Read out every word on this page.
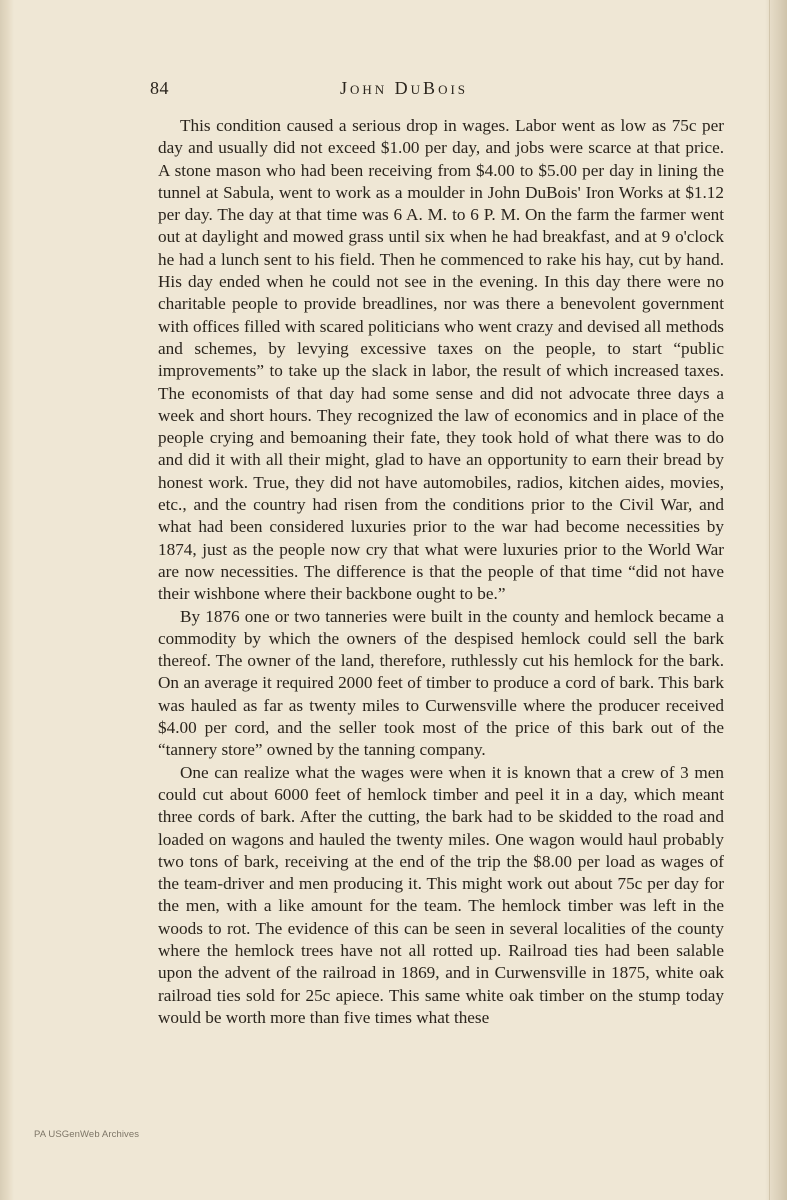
84	John DuBois

This condition caused a serious drop in wages. Labor went as low as 75c per day and usually did not exceed $1.00 per day, and jobs were scarce at that price. A stone mason who had been receiving from $4.00 to $5.00 per day in lining the tunnel at Sabula, went to work as a moulder in John DuBois' Iron Works at $1.12 per day. The day at that time was 6 A. M. to 6 P. M. On the farm the farmer went out at daylight and mowed grass until six when he had breakfast, and at 9 o'clock he had a lunch sent to his field. Then he commenced to rake his hay, cut by hand. His day ended when he could not see in the evening. In this day there were no charitable people to provide breadlines, nor was there a benevolent government with offices filled with scared politicians who went crazy and devised all methods and schemes, by levying excessive taxes on the people, to start “public improvements” to take up the slack in labor, the result of which increased taxes. The economists of that day had some sense and did not advocate three days a week and short hours. They recognized the law of economics and in place of the people crying and bemoaning their fate, they took hold of what there was to do and did it with all their might, glad to have an opportunity to earn their bread by honest work. True, they did not have automobiles, radios, kitchen aides, movies, etc., and the country had risen from the conditions prior to the Civil War, and what had been considered luxuries prior to the war had become necessities by 1874, just as the people now cry that what were luxuries prior to the World War are now necessities. The difference is that the people of that time “did not have their wishbone where their backbone ought to be.”

By 1876 one or two tanneries were built in the county and hemlock became a commodity by which the owners of the despised hemlock could sell the bark thereof. The owner of the land, therefore, ruthlessly cut his hemlock for the bark. On an average it required 2000 feet of timber to produce a cord of bark. This bark was hauled as far as twenty miles to Curwensville where the producer received $4.00 per cord, and the seller took most of the price of this bark out of the “tannery store” owned by the tanning company.

One can realize what the wages were when it is known that a crew of 3 men could cut about 6000 feet of hemlock timber and peel it in a day, which meant three cords of bark. After the cutting, the bark had to be skidded to the road and loaded on wagons and hauled the twenty miles. One wagon would haul probably two tons of bark, receiving at the end of the trip the $8.00 per load as wages of the team-driver and men producing it. This might work out about 75c per day for the men, with a like amount for the team. The hemlock timber was left in the woods to rot. The evidence of this can be seen in several localities of the county where the hemlock trees have not all rotted up. Railroad ties had been salable upon the advent of the railroad in 1869, and in Curwensville in 1875, white oak railroad ties sold for 25c apiece. This same white oak timber on the stump today would be worth more than five times what these

PA USGenWeb Archives
